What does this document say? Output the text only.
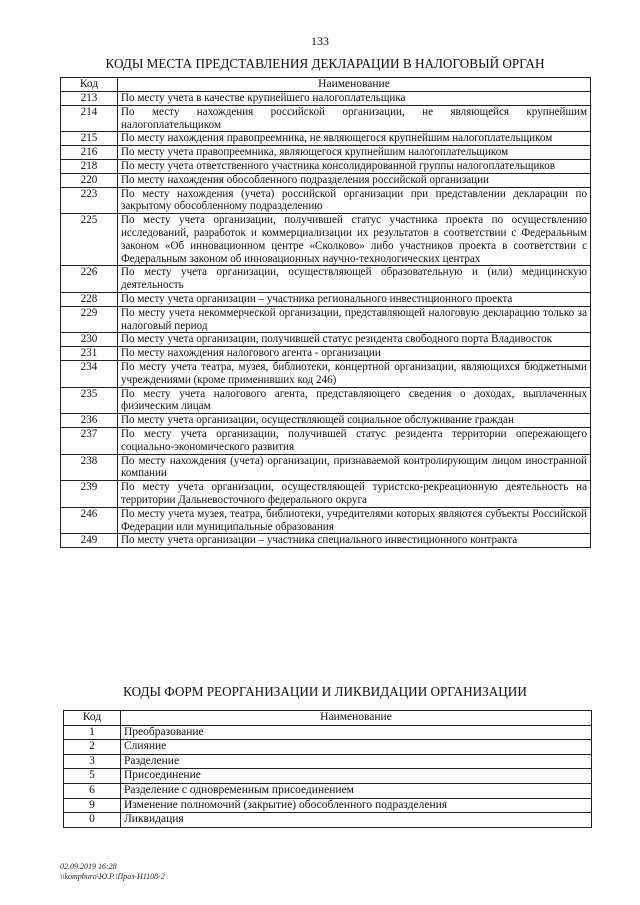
133
КОДЫ МЕСТА ПРЕДСТАВЛЕНИЯ ДЕКЛАРАЦИИ В НАЛОГОВЫЙ ОРГАН
Код	Наименование
213	По месту учета в качестве крупнейшего налогоплательщика
214	По месту нахождения российской организации, не являющейся крупнейшим налогоплательщиком
215	По месту нахождения правопреемника, не являющегося крупнейшим налогоплательщиком
216	По месту учета правопреемника, являющегося крупнейшим налогоплательщиком
218	По месту учета ответственного участника консолидированной группы налогоплательщиков
220	По месту нахождения обособленного подразделения российской организации
223	По месту нахождения (учета) российской организации при представлении декларации по закрытому обособленному подразделению
225	По месту учета организации, получившей статус участника проекта по осуществлению исследований, разработок и коммерциализации их результатов в соответствии с Федеральным законом «Об инновационном центре «Сколково» либо участников проекта в соответствии с Федеральным законом об инновационных научно-технологических центрах
226	По месту учета организации, осуществляющей образовательную и (или) медицинскую деятельность
228	По месту учета организации – участника регионального инвестиционного проекта
229	По месту учета некоммерческой организации, представляющей налоговую декларацию только за налоговый период
230	По месту учета организации, получившей статус резидента свободного порта Владивосток
231	По месту нахождения налогового агента - организации
234	По месту учета театра, музея, библиотеки, концертной организации, являющихся бюджетными учреждениями (кроме применивших код 246)
235	По месту учета налогового агента, представляющего сведения о доходах, выплаченных физическим лицам
236	По месту учета организации, осуществляющей социальное обслуживание граждан
237	По месту учета организации, получившей статус резидента территории опережающего социально-экономического развития
238	По месту нахождения (учета) организации, признаваемой контролирующим лицом иностранной компании
239	По месту учета организации, осуществляющей туристско-рекреационную деятельность на территории Дальневосточного федерального округа
246	По месту учета музея, театра, библиотеки, учредителями которых являются субъекты Российской Федерации или муниципальные образования
249	По месту учета организации – участника специального инвестиционного контракта
КОДЫ ФОРМ РЕОРГАНИЗАЦИИ И ЛИКВИДАЦИИ ОРГАНИЗАЦИИ
Код	Наименование
1	Преобразование
2	Слияние
3	Разделение
5	Присоединение
6	Разделение с одновременным присоединением
9	Изменение полномочий (закрытие) обособленного подразделения
0	Ликвидация
02.09.2019 16:28
\\kompburo\Ю.Р.\Приз-Н1108-2
